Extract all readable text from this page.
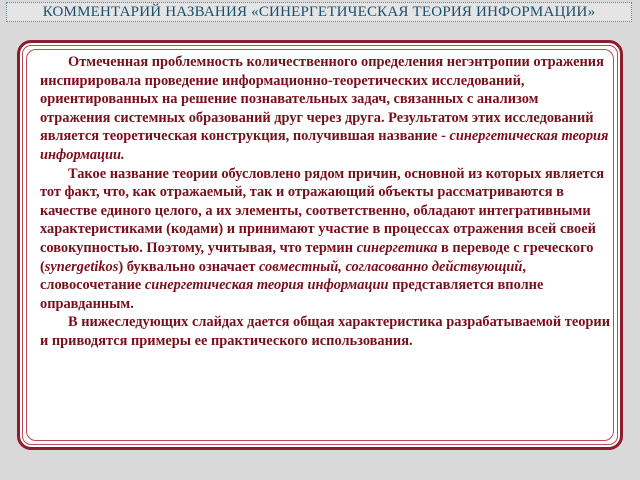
КОММЕНТАРИЙ НАЗВАНИЯ «СИНЕРГЕТИЧЕСКАЯ ТЕОРИЯ ИНФОРМАЦИИ»

Отмеченная проблемность количественного определения негэнтропии отражения инспирировала проведение информационно-теоретических исследований, ориентированных на решение познавательных задач, связанных с анализом отражения системных образований друг через друга. Результатом этих исследований является теоретическая конструкция, получившая название - синергетическая теория информации.

Такое название теории обусловлено рядом причин, основной из которых является тот факт, что, как отражаемый, так и отражающий объекты рассматриваются в качестве единого целого, а их элементы, соответственно, обладают интегративными характеристиками (кодами) и принимают участие в процессах отражения всей своей совокупностью. Поэтому, учитывая, что термин синергетика в переводе с греческого (synergetikos) буквально означает совместный, согласованно действующий, словосочетание синергетическая теория информации представляется вполне оправданным.

В нижеследующих слайдах дается общая характеристика разрабатываемой теории и приводятся примеры ее практического использования.
